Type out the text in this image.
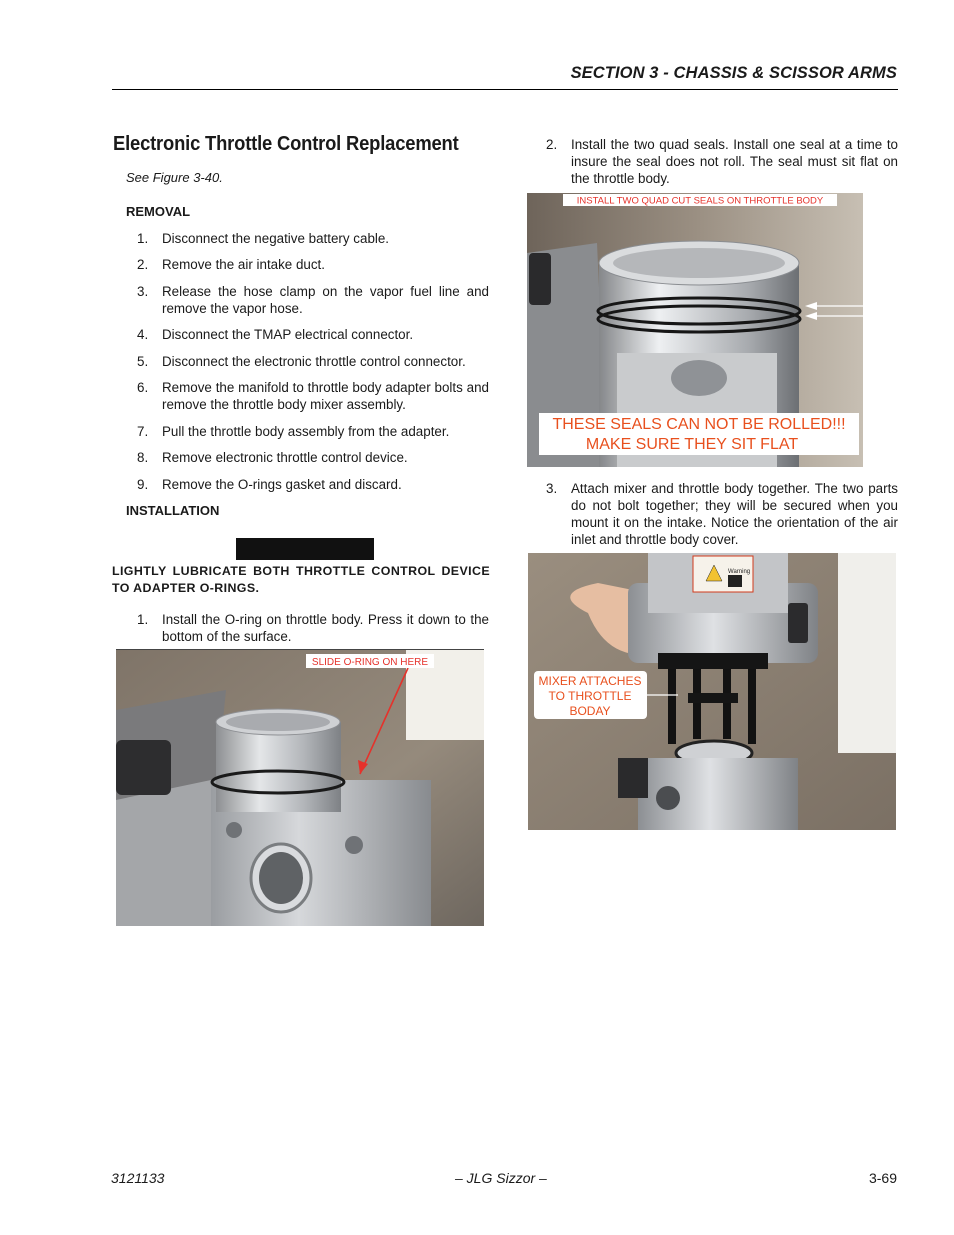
SECTION 3 - CHASSIS & SCISSOR ARMS
Electronic Throttle Control Replacement
See Figure 3-40.
REMOVAL
1. Disconnect the negative battery cable.
2. Remove the air intake duct.
3. Release the hose clamp on the vapor fuel line and remove the vapor hose.
4. Disconnect the TMAP electrical connector.
5. Disconnect the electronic throttle control connector.
6. Remove the manifold to throttle body adapter bolts and remove the throttle body mixer assembly.
7. Pull the throttle body assembly from the adapter.
8. Remove electronic throttle control device.
9. Remove the O-rings gasket and discard.
INSTALLATION
LIGHTLY LUBRICATE BOTH THROTTLE CONTROL DEVICE TO ADAPTER O-RINGS.
1. Install the O-ring on throttle body. Press it down to the bottom of the surface.
SLIDE O-RING ON HERE
2. Install the two quad seals. Install one seal at a time to insure the seal does not roll. The seal must sit flat on the throttle body.
INSTALL TWO QUAD CUT SEALS ON THROTTLE BODY
THESE SEALS CAN NOT BE ROLLED!!!
MAKE SURE THEY SIT FLAT
3. Attach mixer and throttle body together. The two parts do not bolt together; they will be secured when you mount it on the intake. Notice the orientation of the air inlet and throttle body cover.
Warning
MIXER ATTACHES
TO THROTTLE
BODAY
3121133	– JLG Sizzor –	3-69
